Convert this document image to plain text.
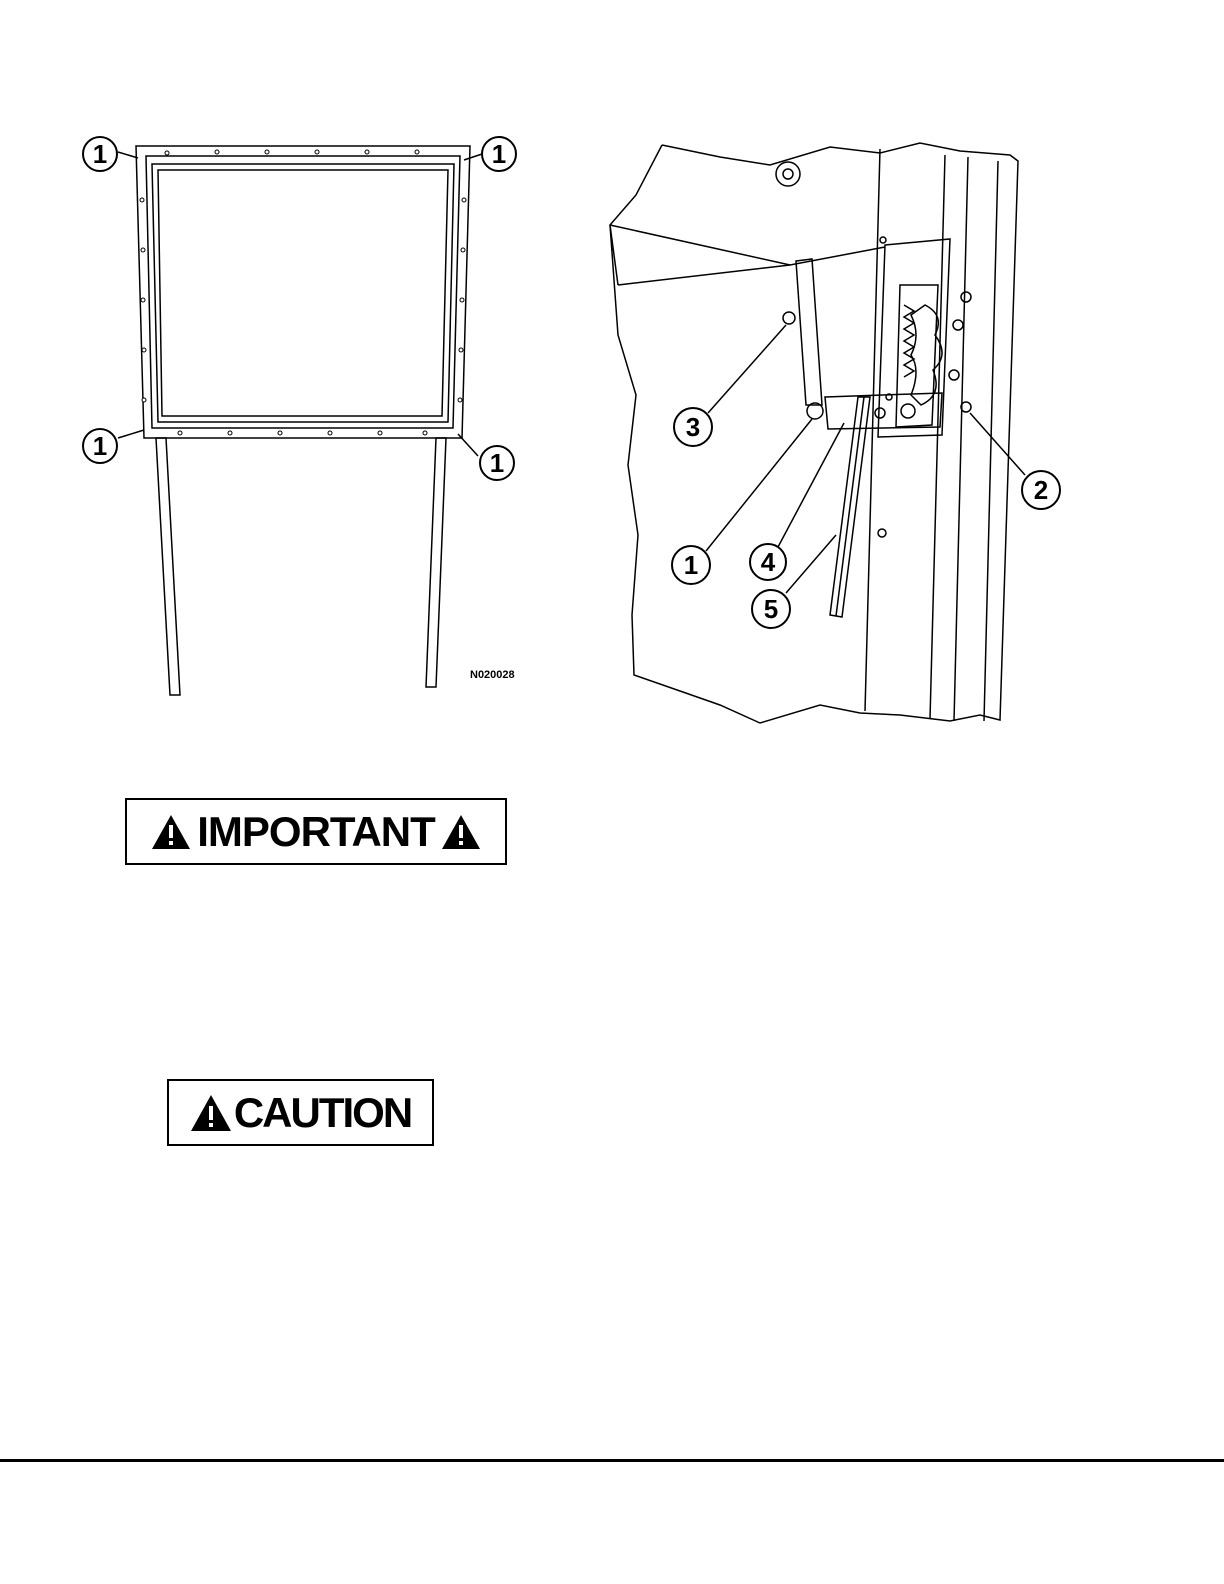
1	1
1
1
N020028
3
1 4
5
2
IMPORTANT
CAUTION
